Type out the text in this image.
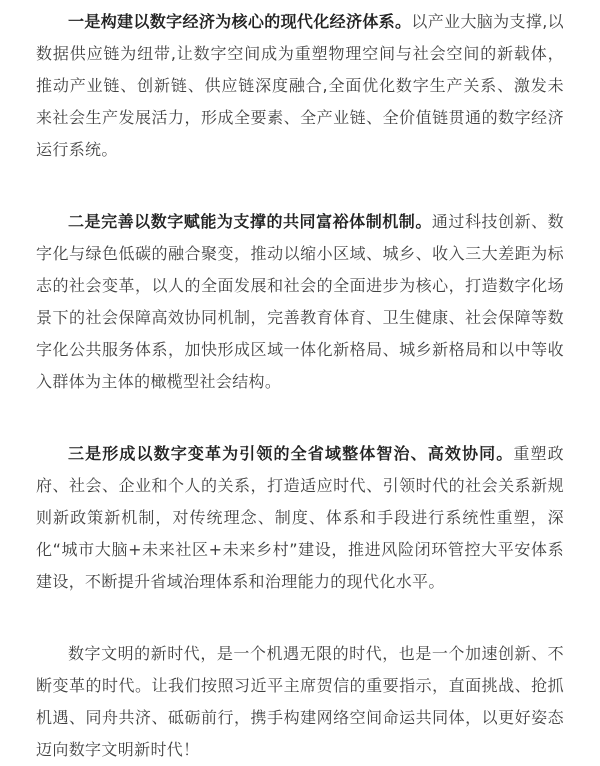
一是构建以数字经济为核心的现代化经济体系。以产业大脑为支撑,以数据供应链为纽带,让数字空间成为重塑物理空间与社会空间的新载体，推动产业链、创新链、供应链深度融合,全面优化数字生产关系、激发未来社会生产发展活力，形成全要素、全产业链、全价值链贯通的数字经济运行系统。

二是完善以数字赋能为支撑的共同富裕体制机制。通过科技创新、数字化与绿色低碳的融合聚变，推动以缩小区域、城乡、收入三大差距为标志的社会变革，以人的全面发展和社会的全面进步为核心，打造数字化场景下的社会保障高效协同机制，完善教育体育、卫生健康、社会保障等数字化公共服务体系，加快形成区域一体化新格局、城乡新格局和以中等收入群体为主体的橄榄型社会结构。

三是形成以数字变革为引领的全省域整体智治、高效协同。重塑政府、社会、企业和个人的关系，打造适应时代、引领时代的社会关系新规则新政策新机制，对传统理念、制度、体系和手段进行系统性重塑，深化“城市大脑+未来社区+未来乡村”建设，推进风险闭环管控大平安体系建设，不断提升省域治理体系和治理能力的现代化水平。

数字文明的新时代，是一个机遇无限的时代，也是一个加速创新、不断变革的时代。让我们按照习近平主席贺信的重要指示，直面挑战、抢抓机遇、同舟共济、砥砺前行，携手构建网络空间命运共同体，以更好姿态迈向数字文明新时代！
